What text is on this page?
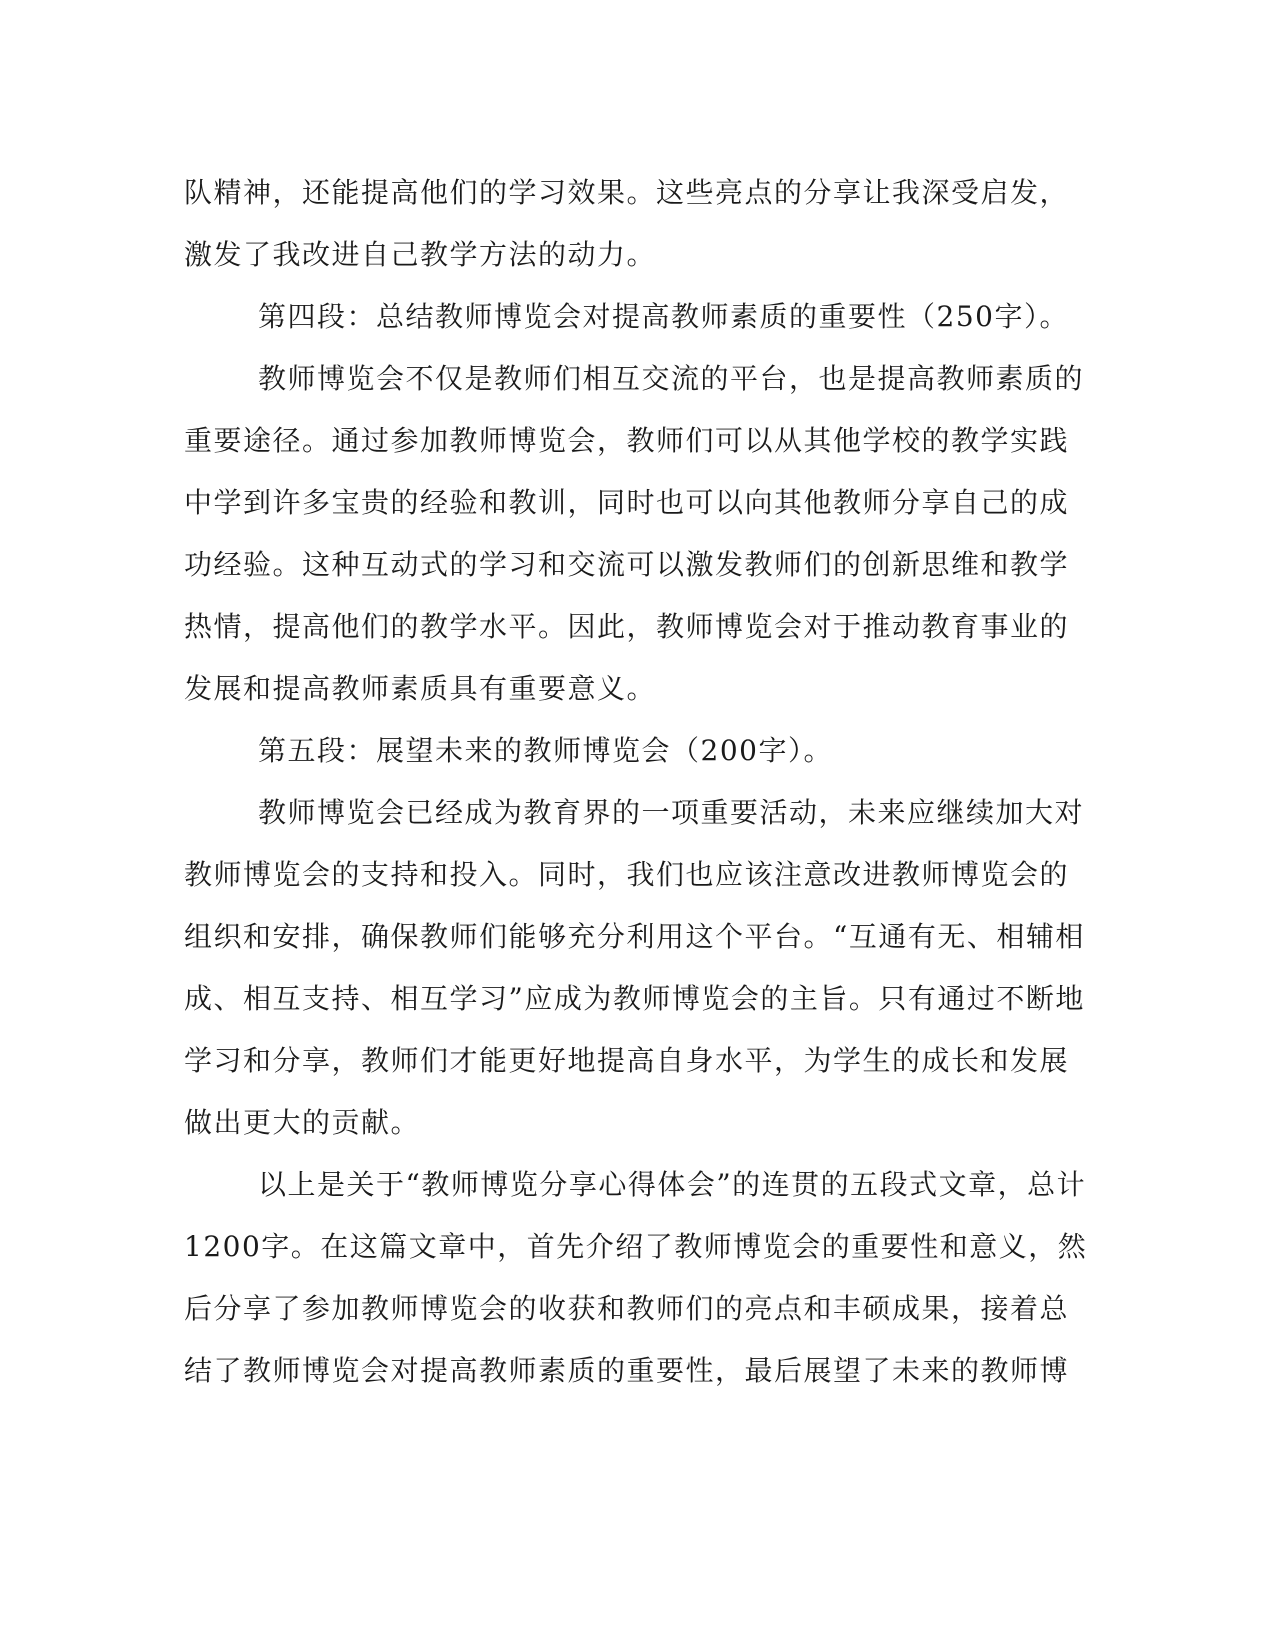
队精神，还能提高他们的学习效果。这些亮点的分享让我深受启发，
激发了我改进自己教学方法的动力。

第四段：总结教师博览会对提高教师素质的重要性（250字）。

教师博览会不仅是教师们相互交流的平台，也是提高教师素质的
重要途径。通过参加教师博览会，教师们可以从其他学校的教学实践
中学到许多宝贵的经验和教训，同时也可以向其他教师分享自己的成
功经验。这种互动式的学习和交流可以激发教师们的创新思维和教学
热情，提高他们的教学水平。因此，教师博览会对于推动教育事业的
发展和提高教师素质具有重要意义。

第五段：展望未来的教师博览会（200字）。

教师博览会已经成为教育界的一项重要活动，未来应继续加大对
教师博览会的支持和投入。同时，我们也应该注意改进教师博览会的
组织和安排，确保教师们能够充分利用这个平台。“互通有无、相辅相
成、相互支持、相互学习”应成为教师博览会的主旨。只有通过不断地
学习和分享，教师们才能更好地提高自身水平，为学生的成长和发展
做出更大的贡献。

以上是关于“教师博览分享心得体会”的连贯的五段式文章，总计
1200字。在这篇文章中，首先介绍了教师博览会的重要性和意义，然
后分享了参加教师博览会的收获和教师们的亮点和丰硕成果，接着总
结了教师博览会对提高教师素质的重要性，最后展望了未来的教师博
